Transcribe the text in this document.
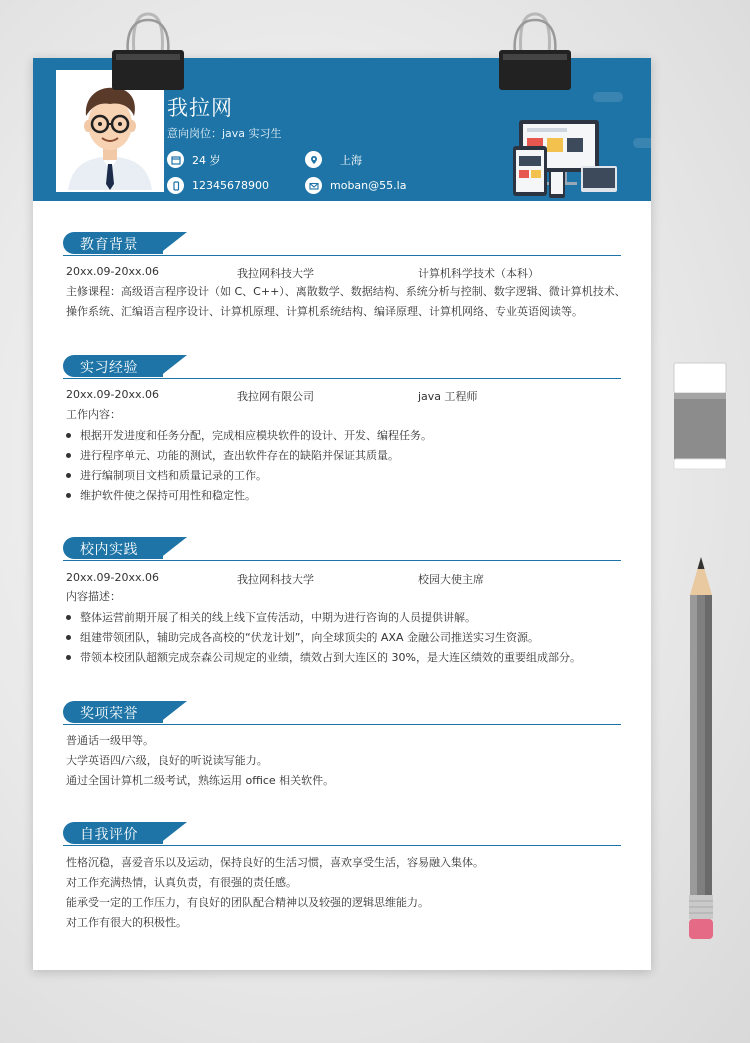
我拉网
意向岗位：java 实习生
24 岁	上海
12345678900	moban@55.la
教育背景
20xx.09-20xx.06	我拉网科技大学	计算机科学技术（本科）
主修课程：高级语言程序设计（如 C、C++）、离散数学、数据结构、系统分析与控制、数字逻辑、微计算机技术、
操作系统、汇编语言程序设计、计算机原理、计算机系统结构、编译原理、计算机网络、专业英语阅读等。
实习经验
20xx.09-20xx.06	我拉网有限公司	java 工程师
工作内容：
根据开发进度和任务分配，完成相应模块软件的设计、开发、编程任务。
进行程序单元、功能的测试，查出软件存在的缺陷并保证其质量。
进行编制项目文档和质量记录的工作。
维护软件使之保持可用性和稳定性。
校内实践
20xx.09-20xx.06	我拉网科技大学	校园大使主席
内容描述：
整体运营前期开展了相关的线上线下宣传活动，中期为进行咨询的人员提供讲解。
组建带领团队，辅助完成各高校的“伏龙计划”，向全球顶尖的 AXA 金融公司推送实习生资源。
带领本校团队超额完成奈森公司规定的业绩，绩效占到大连区的 30%，是大连区绩效的重要组成部分。
奖项荣誉
普通话一级甲等。
大学英语四/六级，良好的听说读写能力。
通过全国计算机二级考试，熟练运用 office 相关软件。
自我评价
性格沉稳，喜爱音乐以及运动，保持良好的生活习惯，喜欢享受生活，容易融入集体。
对工作充满热情，认真负责，有很强的责任感。
能承受一定的工作压力，有良好的团队配合精神以及较强的逻辑思维能力。
对工作有很大的积极性。
